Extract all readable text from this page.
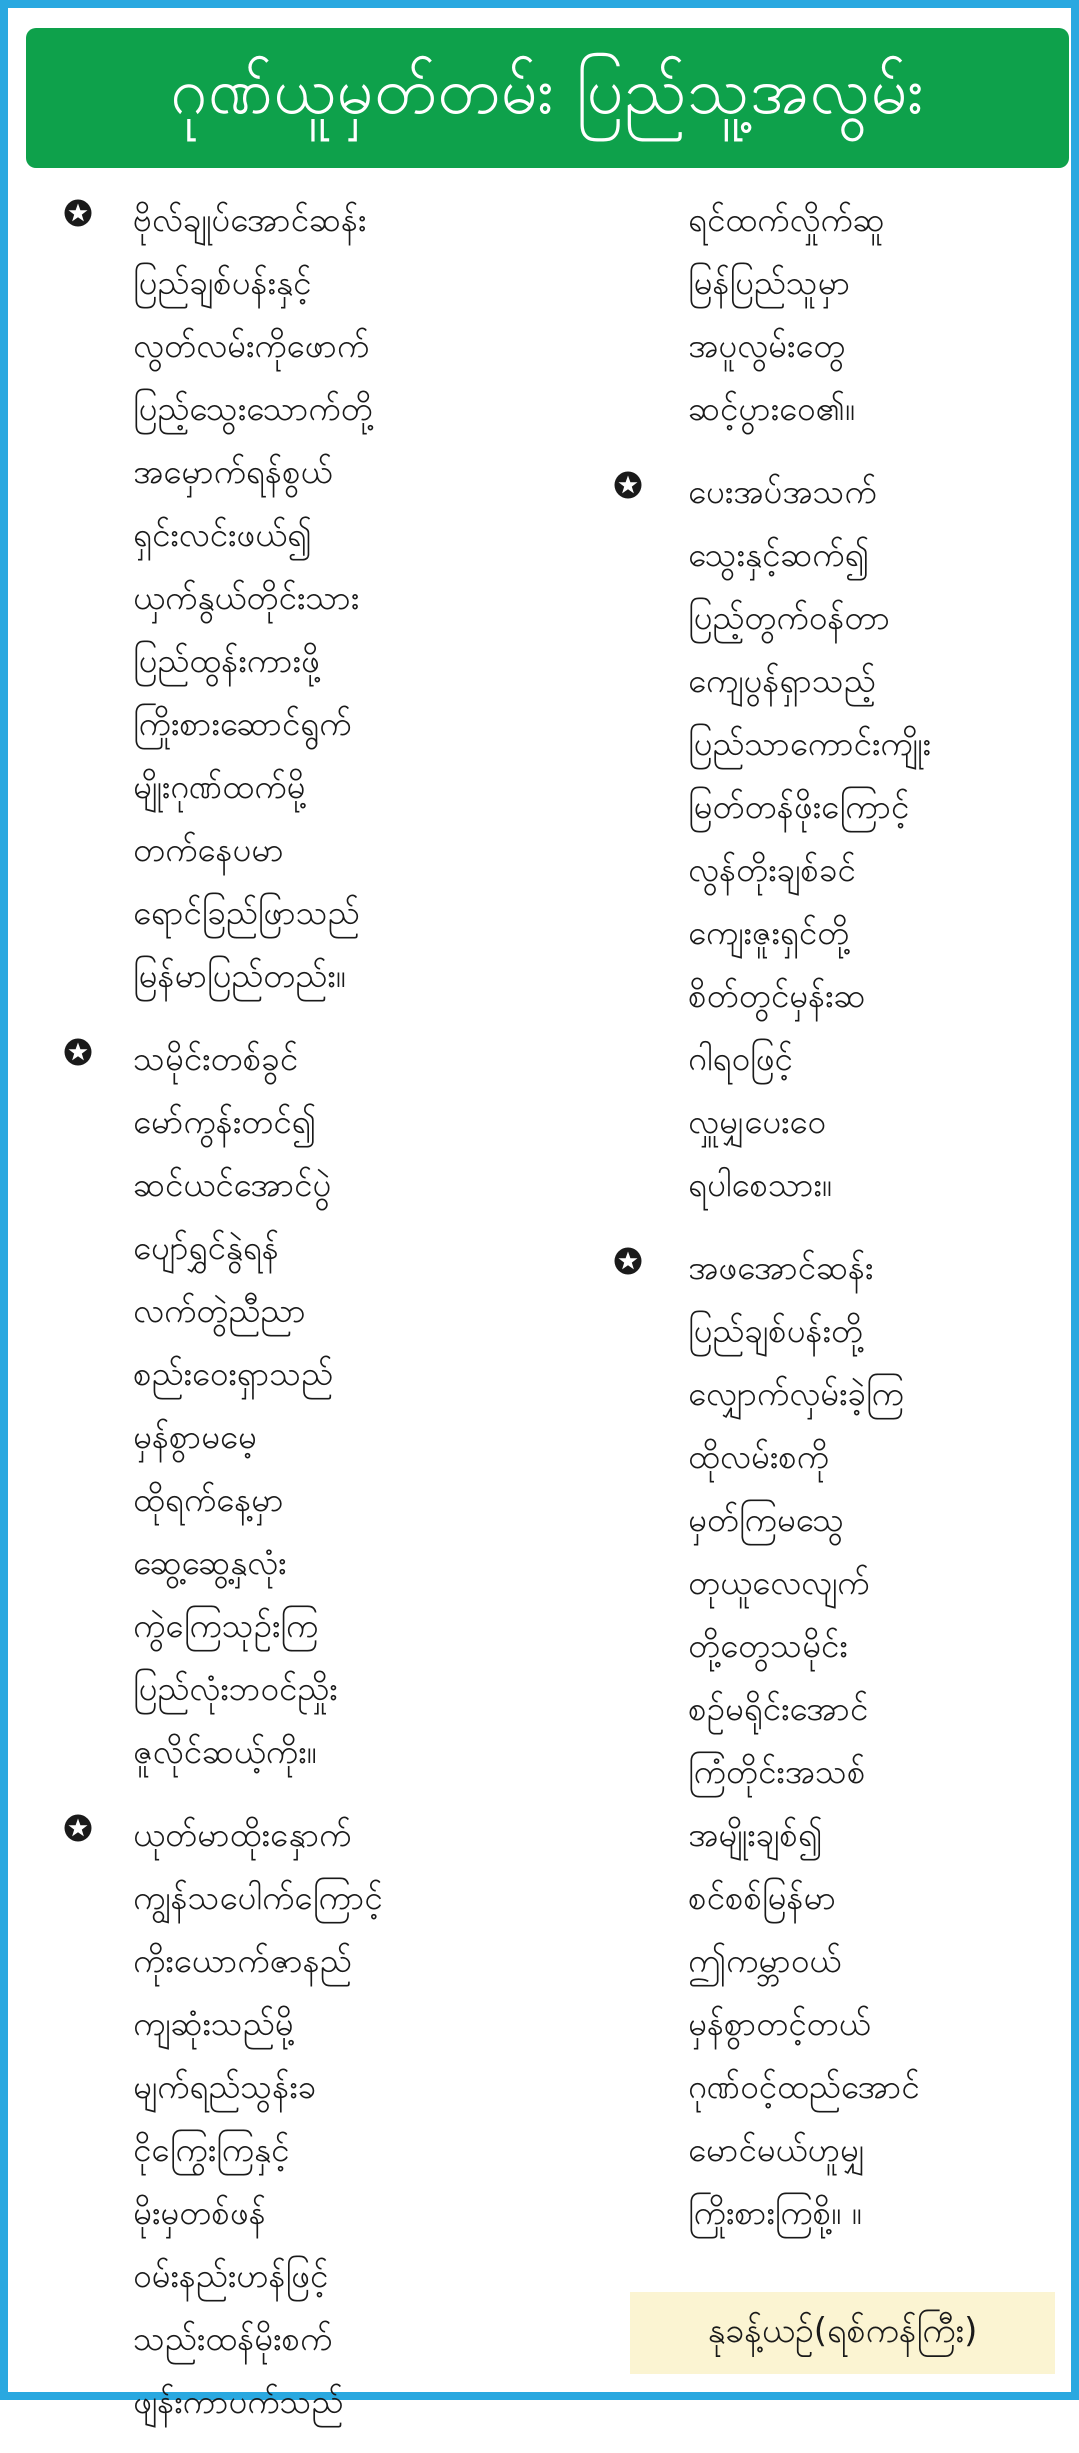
ဂုဏ်ယူမှတ်တမ်း ပြည်သူ့အလွမ်း
ဗိုလ်ချုပ်အောင်ဆန်း
ပြည်ချစ်ပန်းနှင့်
လွတ်လမ်းကိုဖောက်
ပြည့်သွေးသောက်တို့
အမှောက်ရန်စွယ်
ရှင်းလင်းဖယ်၍
ယှက်နွယ်တိုင်းသား
ပြည်ထွန်းကားဖို့
ကြိုးစားဆောင်ရွက်
မျိုးဂုဏ်ထက်မို့
တက်နေပမာ
ရောင်ခြည်ဖြာသည်
မြန်မာပြည်တည်း။
သမိုင်းတစ်ခွင်
မော်ကွန်းတင်၍
ဆင်ယင်အောင်ပွဲ
ပျော်ရွှင်နွဲရန်
လက်တွဲညီညာ
စည်းဝေးရှာသည်
မှန်စွာမမေ့
ထိုရက်နေ့မှာ
ဆွေ့ဆွေ့နှလုံး
ကွဲကြေသုဉ်းကြ
ပြည်လုံးဘဝင်ညှိုး
ဇူလိုင်ဆယ့်ကိုး။
ယုတ်မာထိုးနှောက်
ကျွန်သပေါက်ကြောင့်
ကိုးယောက်ဇာနည်
ကျဆုံးသည်မို့
မျက်ရည်သွန်းခ
ငိုကြွေးကြနှင့်
မိုးမှတစ်ဖန်
ဝမ်းနည်းဟန်ဖြင့်
သည်းထန်မိုးစက်
ဖျန်းကာပက်သည်
ရင်ထက်လှိုက်ဆူ
မြန်ပြည်သူမှာ
အပူလွမ်းတွေ
ဆင့်ပွားဝေ၏။
ပေးအပ်အသက်
သွေးနှင့်ဆက်၍
ပြည့်တွက်ဝန်တာ
ကျေပွန်ရှာသည့်
ပြည်သာကောင်းကျိုး
မြတ်တန်ဖိုးကြောင့်
လွန်တိုးချစ်ခင်
ကျေးဇူးရှင်တို့
စိတ်တွင်မှန်းဆ
ဂါရဝဖြင့်
လှူမျှပေးဝေ
ရပါစေသား။
အဖအောင်ဆန်း
ပြည်ချစ်ပန်းတို့
လျှောက်လှမ်းခဲ့ကြ
ထိုလမ်းစကို
မှတ်ကြမသွေ
တုယူလေလျက်
တို့တွေသမိုင်း
စဉ်မရိုင်းအောင်
ကြံတိုင်းအသစ်
အမျိုးချစ်၍
စင်စစ်မြန်မာ
ဤကမ္ဘာဝယ်
မှန်စွာတင့်တယ်
ဂုဏ်ဝင့်ထည်အောင်
မောင်မယ်ဟူမျှ
ကြိုးစားကြစို့။ ။
နုခန့်ယဉ်(ရစ်ကန်ကြီး)
